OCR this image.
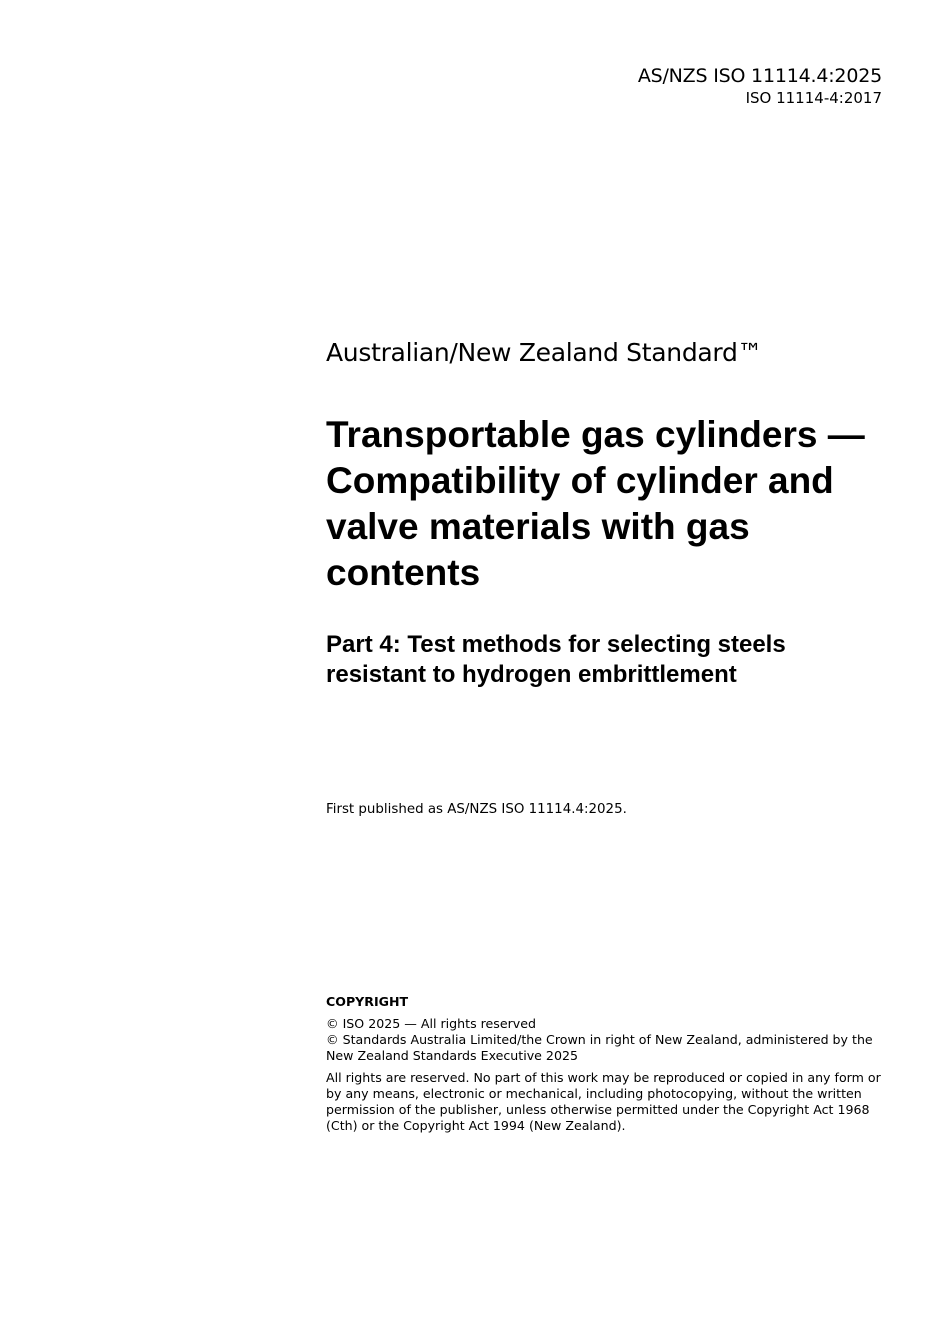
AS/NZS ISO 11114.4:2025
ISO 11114-4:2017
Australian/New Zealand Standard™
Transportable gas cylinders — Compatibility of cylinder and valve materials with gas contents
Part 4: Test methods for selecting steels resistant to hydrogen embrittlement
First published as AS/NZS ISO 11114.4:2025.
COPYRIGHT
© ISO 2025 — All rights reserved
© Standards Australia Limited/the Crown in right of New Zealand, administered by the New Zealand Standards Executive 2025
All rights are reserved. No part of this work may be reproduced or copied in any form or by any means, electronic or mechanical, including photocopying, without the written permission of the publisher, unless otherwise permitted under the Copyright Act 1968 (Cth) or the Copyright Act 1994 (New Zealand).
